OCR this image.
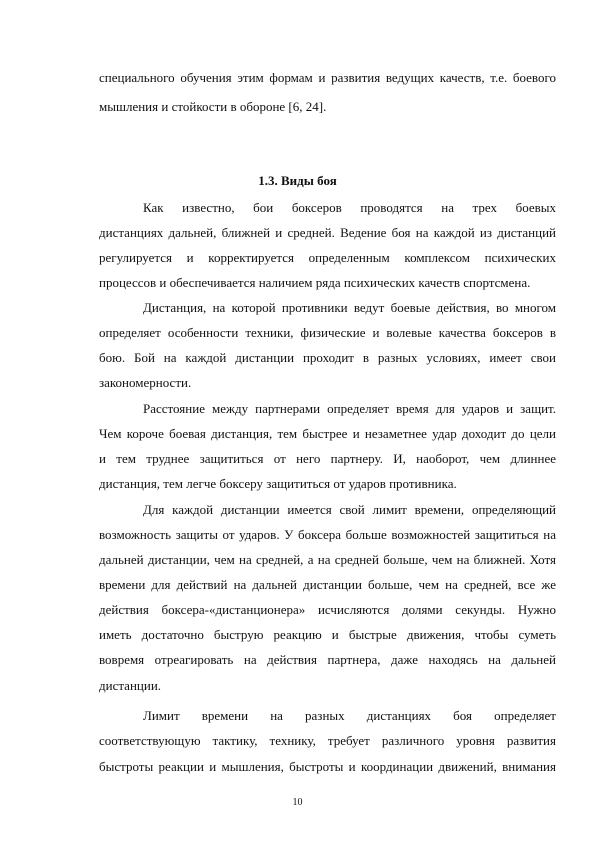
специального обучения этим формам и развития ведущих качеств, т.е. боевого
мышления и стойкости в обороне [6, 24].
1.3. Виды боя
Как известно, бои боксеров проводятся на трех боевых
дистанциях дальней, ближней и средней. Ведение боя на каждой из дистанций
регулируется и корректируется определенным комплексом психических
процессов и обеспечивается наличием ряда психических качеств спортсмена.
Дистанция, на которой противники ведут боевые действия, во многом
определяет особенности техники, физические и волевые качества боксеров в
бою. Бой на каждой дистанции проходит в разных условиях, имеет свои
закономерности.
Расстояние между партнерами определяет время для ударов и защит.
Чем короче боевая дистанция, тем быстрее и незаметнее удар доходит до цели
и тем труднее защититься от него партнеру. И, наоборот, чем длиннее
дистанция, тем легче боксеру защититься от ударов противника.
Для каждой дистанции имеется свой лимит времени, определяющий
возможность защиты от ударов. У боксера больше возможностей защититься на
дальней дистанции, чем на средней, а на средней больше, чем на ближней. Хотя
времени для действий на дальней дистанции больше, чем на средней, все же
действия боксера-«дистанционера» исчисляются долями секунды. Нужно
иметь достаточно быструю реакцию и быстрые движения, чтобы суметь
вовремя отреагировать на действия партнера, даже находясь на дальней
дистанции.
Лимит времени на разных дистанциях боя определяет
соответствующую тактику, технику, требует различного уровня развития
быстроты реакции и мышления, быстроты и координации движений, внимания
10
